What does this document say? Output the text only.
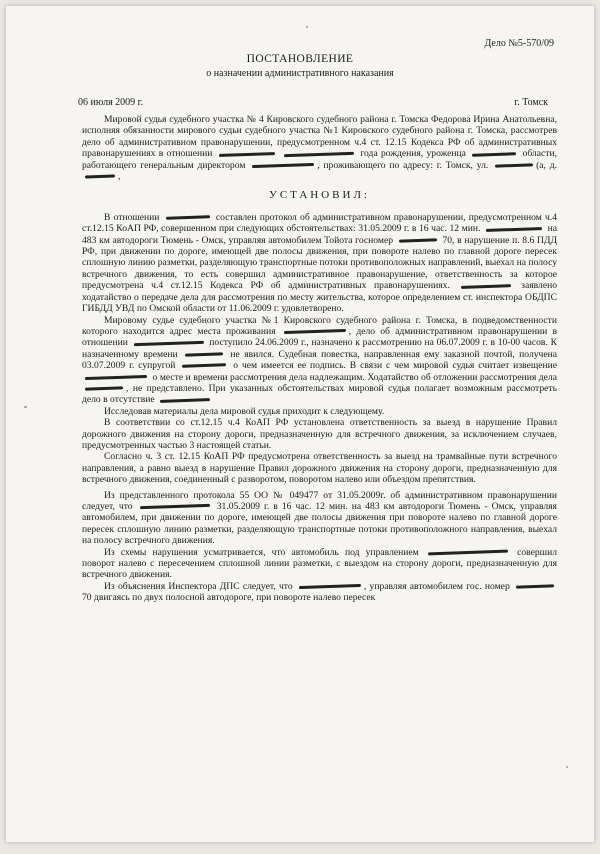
Дело №5-570/09
ПОСТАНОВЛЕНИЕ
о назначении административного наказания
06 июля 2009 г.	г. Томск

Мировой судья судебного участка № 4 Кировского судебного района г. Томска Федорова Ирина Анатольевна, исполняя обязанности мирового судьи судебного участка №1 Кировского судебного района г. Томска, рассмотрев дело об административном правонарушении, предусмотренном ч.4 ст. 12.15 Кодекса РФ об административных правонарушениях в отношении	года рождения, уроженца	области, работающего генеральным директором	, проживающего по адресу: г. Томск, ул.	(а, д. ,

УСТАНОВИЛ:

В отношении	составлен протокол об административном правонарушении, предусмотренном ч.4 ст.12.15 КоАП РФ, совершенном при следующих обстоятельствах: 31.05.2009 г. в 16 час. 12 мин.	на 483 км автодороги Тюмень - Омск, управляя автомобилем Тойота госномер	70, в нарушение п. 8.6 ПДД РФ, при движении по дороге, имеющей две полосы движения, при повороте налево по главной дороге пересек сплошную линию разметки, разделяющую транспортные потоки противоположных направлений, выехал на полосу встречного движения, то есть совершил административное правонарушение, ответственность за которое предусмотрена ч.4 ст.12.15 Кодекса РФ об административных правонарушениях.	заявлено ходатайство о передаче дела для рассмотрения по месту жительства, которое определением ст. инспектора ОБДПС ГИБДД УВД по Омской области от 11.06.2009 г. удовлетворено.

Мировому судье судебного участка №1 Кировского судебного района г. Томска, в подведомственности которого находится адрес места проживания	, дело об административном правонарушении в отношении	поступило 24.06.2009 г., назначено к рассмотрению на 06.07.2009 г. в 10-00 часов. К назначенному времени	не явился. Судебная повестка, направленная ему заказной почтой, получена 03.07.2009 г. супругой	о чем имеется ее подпись. В связи с чем мировой судья считает извещение  о месте и времени рассмотрения дела надлежащим. Ходатайство об отложении рассмотрения дела , не представлено. При указанных обстоятельствах мировой судья полагает возможным рассмотреть дело в отсутствие

Исследовав материалы дела мировой судья приходит к следующему.

В соответствии со ст.12.15 ч.4 КоАП РФ установлена ответственность за выезд в нарушение Правил дорожного движения на сторону дороги, предназначенную для встречного движения, за исключением случаев, предусмотренных частью 3 настоящей статьи.

Согласно ч. 3 ст. 12.15 КоАП РФ предусмотрена ответственность за выезд на трамвайные пути встречного направления, а равно выезд в нарушение Правил дорожного движения на сторону дороги, предназначенную для встречного движения, соединенный с разворотом, поворотом налево или объездом препятствия.

Из представленного протокола 55 ОО № 049477 от 31.05.2009г. об административном правонарушении следует, что	31.05.2009 г. в 16 час. 12 мин. на 483 км автодороги Тюмень - Омск, управляя автомобилем, при движении по дороге, имеющей две полосы движения при повороте налево по главной дороге пересек сплошную линию разметки, разделяющую транспортные потоки противоположного направления, выехал на полосу встречного движения.

Из схемы нарушения усматривается, что автомобиль под управлением	совершил поворот налево с пересечением сплошной линии разметки, с выездом на сторону дороги, предназначенную для встречного движения.

Из объяснения Инспектора ДПС следует, что	, управляя автомобилем гос. номер  70 двигаясь по двух полосной автодороге, при повороте налево пересек
